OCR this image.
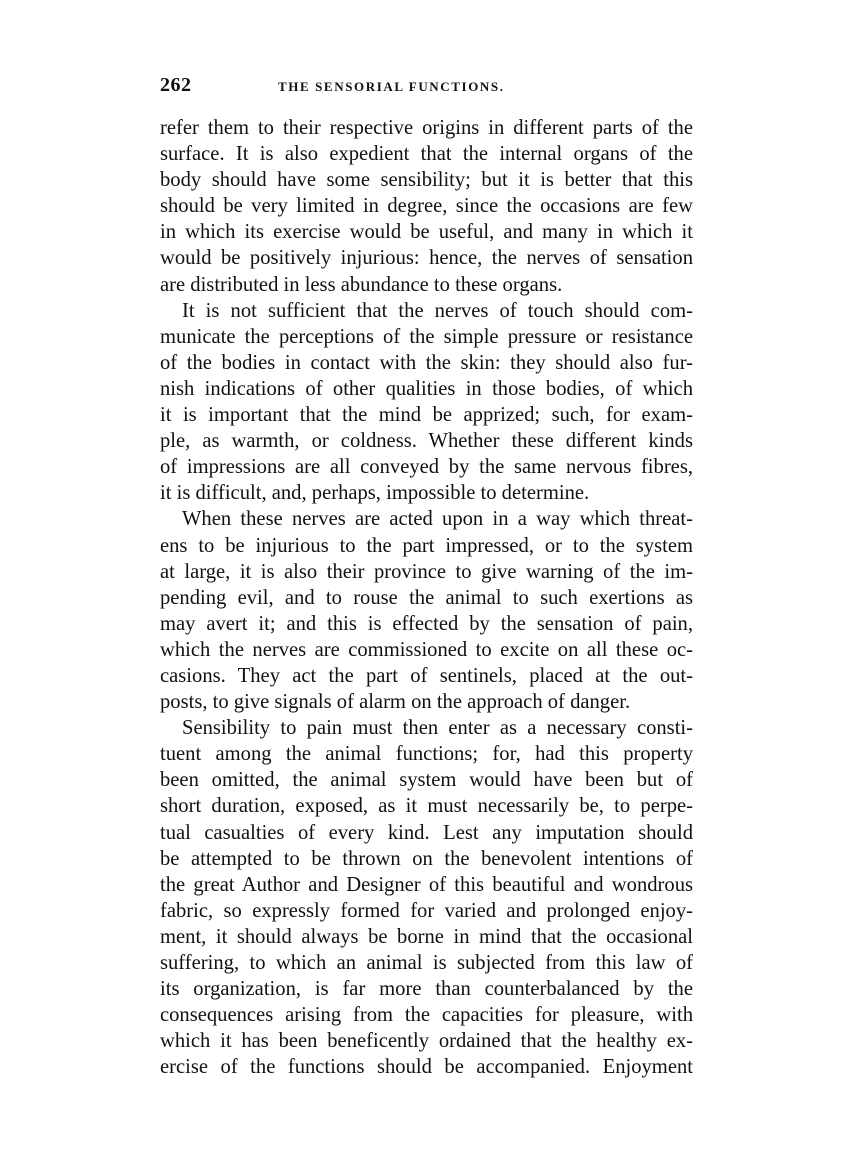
262	THE SENSORIAL FUNCTIONS.
refer them to their respective origins in different parts of the
surface. It is also expedient that the internal organs of the
body should have some sensibility; but it is better that this
should be very limited in degree, since the occasions are few
in which its exercise would be useful, and many in which it
would be positively injurious: hence, the nerves of sensation
are distributed in less abundance to these organs.
It is not sufficient that the nerves of touch should com-
municate the perceptions of the simple pressure or resistance
of the bodies in contact with the skin: they should also fur-
nish indications of other qualities in those bodies, of which
it is important that the mind be apprized; such, for exam-
ple, as warmth, or coldness. Whether these different kinds
of impressions are all conveyed by the same nervous fibres,
it is difficult, and, perhaps, impossible to determine.
When these nerves are acted upon in a way which threat-
ens to be injurious to the part impressed, or to the system
at large, it is also their province to give warning of the im-
pending evil, and to rouse the animal to such exertions as
may avert it; and this is effected by the sensation of pain,
which the nerves are commissioned to excite on all these oc-
casions. They act the part of sentinels, placed at the out-
posts, to give signals of alarm on the approach of danger.
Sensibility to pain must then enter as a necessary consti-
tuent among the animal functions; for, had this property
been omitted, the animal system would have been but of
short duration, exposed, as it must necessarily be, to perpe-
tual casualties of every kind. Lest any imputation should
be attempted to be thrown on the benevolent intentions of
the great Author and Designer of this beautiful and wondrous
fabric, so expressly formed for varied and prolonged enjoy-
ment, it should always be borne in mind that the occasional
suffering, to which an animal is subjected from this law of
its organization, is far more than counterbalanced by the
consequences arising from the capacities for pleasure, with
which it has been beneficently ordained that the healthy ex-
ercise of the functions should be accompanied. Enjoyment
